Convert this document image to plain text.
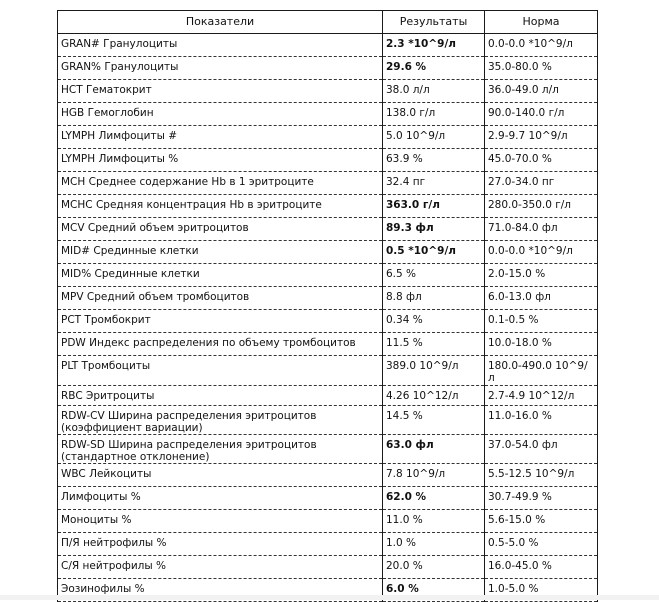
Показатели	Результаты	Норма
GRAN# Гранулоциты	2.3 *10^9/л	0.0-0.0 *10^9/л
GRAN% Гранулоциты	29.6 %	35.0-80.0 %
HCT Гематокрит	38.0 л/л	36.0-49.0 л/л
HGB Гемоглобин	138.0 г/л	90.0-140.0 г/л
LYMPH Лимфоциты #	5.0 10^9/л	2.9-9.7 10^9/л
LYMPH Лимфоциты %	63.9 %	45.0-70.0 %
MCH Среднее содержание Hb в 1 эритроците	32.4 пг	27.0-34.0 пг
MCHC Средняя концентрация Hb в эритроците	363.0 г/л	280.0-350.0 г/л
MCV Средний объем эритроцитов	89.3 фл	71.0-84.0 фл
MID# Срединные клетки	0.5 *10^9/л	0.0-0.0 *10^9/л
MID% Срединные клетки	6.5 %	2.0-15.0 %
MPV Средний объем тромбоцитов	8.8 фл	6.0-13.0 фл
PCT Тромбокрит	0.34 %	0.1-0.5 %
PDW Индекс распределения по объему тромбоцитов	11.5 %	10.0-18.0 %
PLT Тромбоциты	389.0 10^9/л	180.0-490.0 10^9/л
RBC Эритроциты	4.26 10^12/л	2.7-4.9 10^12/л
RDW-CV Ширина распределения эритроцитов (коэффициент вариации)	14.5 %	11.0-16.0 %
RDW-SD Ширина распределения эритроцитов (стандартное отклонение)	63.0 фл	37.0-54.0 фл
WBC Лейкоциты	7.8 10^9/л	5.5-12.5 10^9/л
Лимфоциты %	62.0 %	30.7-49.9 %
Моноциты %	11.0 %	5.6-15.0 %
П/Я нейтрофилы %	1.0 %	0.5-5.0 %
С/Я нейтрофилы %	20.0 %	16.0-45.0 %
Эозинофилы %	6.0 %	1.0-5.0 %
